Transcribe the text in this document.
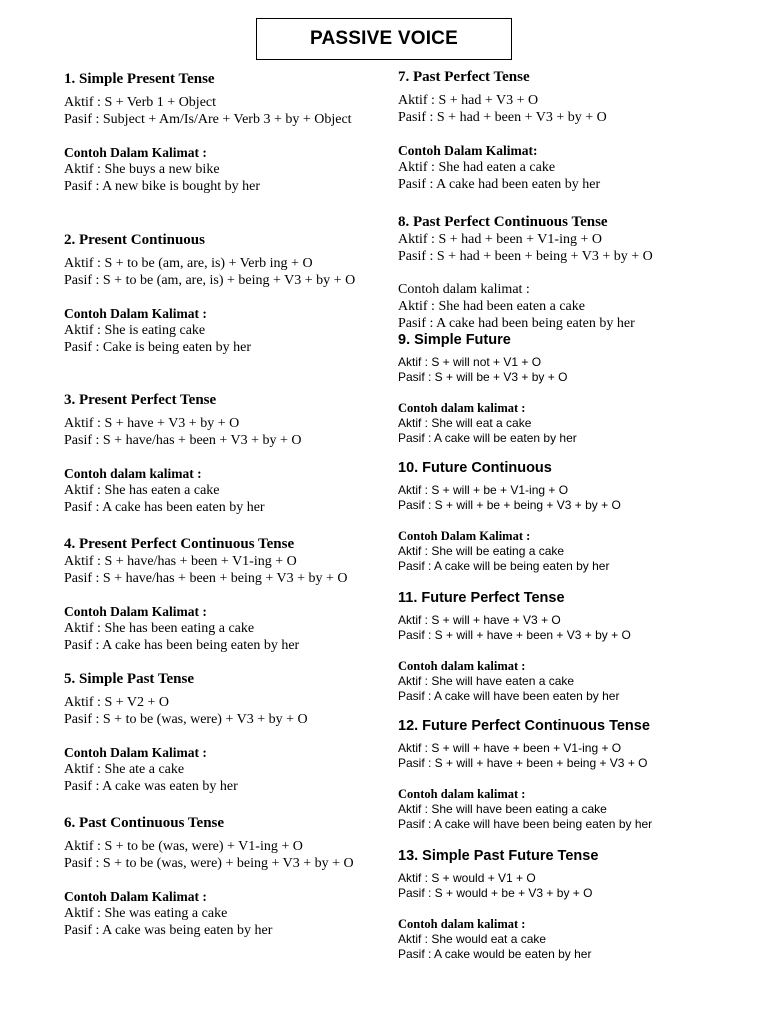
PASSIVE VOICE
1. Simple Present Tense

Aktif : S + Verb 1 + Object

Pasif : Subject + Am/Is/Are + Verb 3 + by + Object

Contoh Dalam Kalimat :

Aktif : She buys a new bike

Pasif : A new bike is bought by her

2. Present Continuous

Aktif : S + to be (am, are, is) + Verb ing + O

Pasif : S + to be (am, are, is) + being + V3 + by + O

Contoh Dalam Kalimat :

Aktif : She is eating cake

Pasif : Cake is being eaten by her

3. Present Perfect Tense

Aktif : S + have + V3 + by + O

Pasif : S + have/has + been + V3 + by + O

Contoh dalam kalimat :

Aktif : She has eaten a cake

Pasif : A cake has been eaten by her

4. Present Perfect Continuous Tense

Aktif : S + have/has + been + V1-ing + O

Pasif : S + have/has + been + being + V3 + by + O

Contoh Dalam Kalimat :

Aktif : She has been eating a cake

Pasif : A cake has been being eaten by her

5. Simple Past Tense

Aktif : S + V2 + O

Pasif : S + to be (was, were) + V3 + by + O

Contoh Dalam Kalimat :

Aktif : She ate a cake

Pasif : A cake was eaten by her

6. Past Continuous Tense

Aktif : S + to be (was, were) + V1-ing + O

Pasif : S + to be (was, were) + being + V3 + by + O

Contoh Dalam Kalimat :

Aktif : She was eating a cake

Pasif : A cake was being eaten by her

7. Past Perfect Tense

Aktif : S + had + V3 + O

Pasif : S + had + been + V3 + by + O

Contoh Dalam Kalimat:

Aktif : She had eaten a cake

Pasif : A cake had been eaten by her

8. Past Perfect Continuous Tense

Aktif : S + had + been + V1-ing + O

Pasif : S + had + been + being + V3 + by + O

Contoh dalam kalimat :

Aktif : She had been eaten a cake

Pasif : A cake had been being eaten by her

9. Simple Future

Aktif : S + will not + V1 + O

Pasif : S + will be + V3 + by + O

Contoh dalam kalimat :

Aktif : She will eat a cake

Pasif : A cake will be eaten by her

10. Future Continuous

Aktif : S + will + be + V1-ing + O

Pasif : S + will + be + being + V3 + by + O

Contoh Dalam Kalimat :

Aktif : She will be eating a cake

Pasif : A cake will be being eaten by her

11. Future Perfect Tense

Aktif : S + will + have + V3 + O

Pasif : S + will + have + been + V3 + by + O

Contoh dalam kalimat :

Aktif : She will have eaten a cake

Pasif : A cake will have been eaten by her

12. Future Perfect Continuous Tense

Aktif : S + will + have + been + V1-ing + O

Pasif : S + will + have + been + being + V3 + O

Contoh dalam kalimat :

Aktif : She will have been eating a cake

Pasif : A cake will have been being eaten by her

13. Simple Past Future Tense

Aktif : S + would + V1 + O

Pasif : S + would + be + V3 + by + O

Contoh dalam kalimat :

Aktif : She would eat a cake

Pasif : A cake would be eaten by her
